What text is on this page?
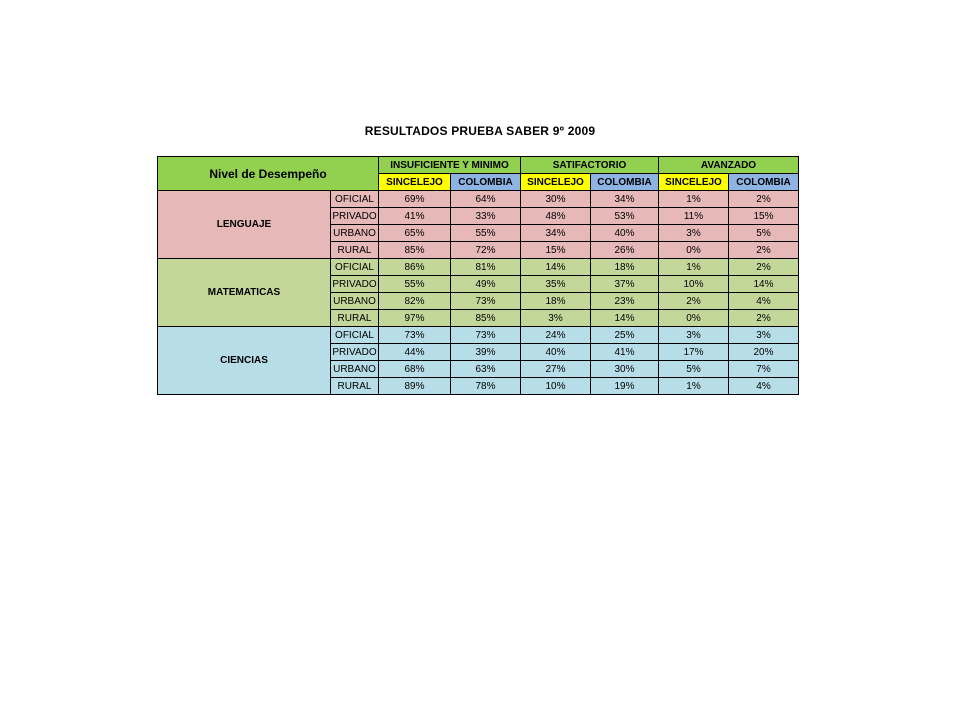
RESULTADOS PRUEBA SABER 9º 2009
Nivel de Desempeño		INSUFICIENTE Y MINIMO		SATIFACTORIO		AVANZADO	
		SINCELEJO	COLOMBIA	SINCELEJO	COLOMBIA	SINCELEJO	COLOMBIA
LENGUAJE	OFICIAL	69%	64%	30%	34%	1%	2%
	PRIVADO	41%	33%	48%	53%	11%	15%
	URBANO	65%	55%	34%	40%	3%	5%
	RURAL	85%	72%	15%	26%	0%	2%
MATEMATICAS	OFICIAL	86%	81%	14%	18%	1%	2%
	PRIVADO	55%	49%	35%	37%	10%	14%
	URBANO	82%	73%	18%	23%	2%	4%
	RURAL	97%	85%	3%	14%	0%	2%
CIENCIAS	OFICIAL	73%	73%	24%	25%	3%	3%
	PRIVADO	44%	39%	40%	41%	17%	20%
	URBANO	68%	63%	27%	30%	5%	7%
	RURAL	89%	78%	10%	19%	1%	4%
